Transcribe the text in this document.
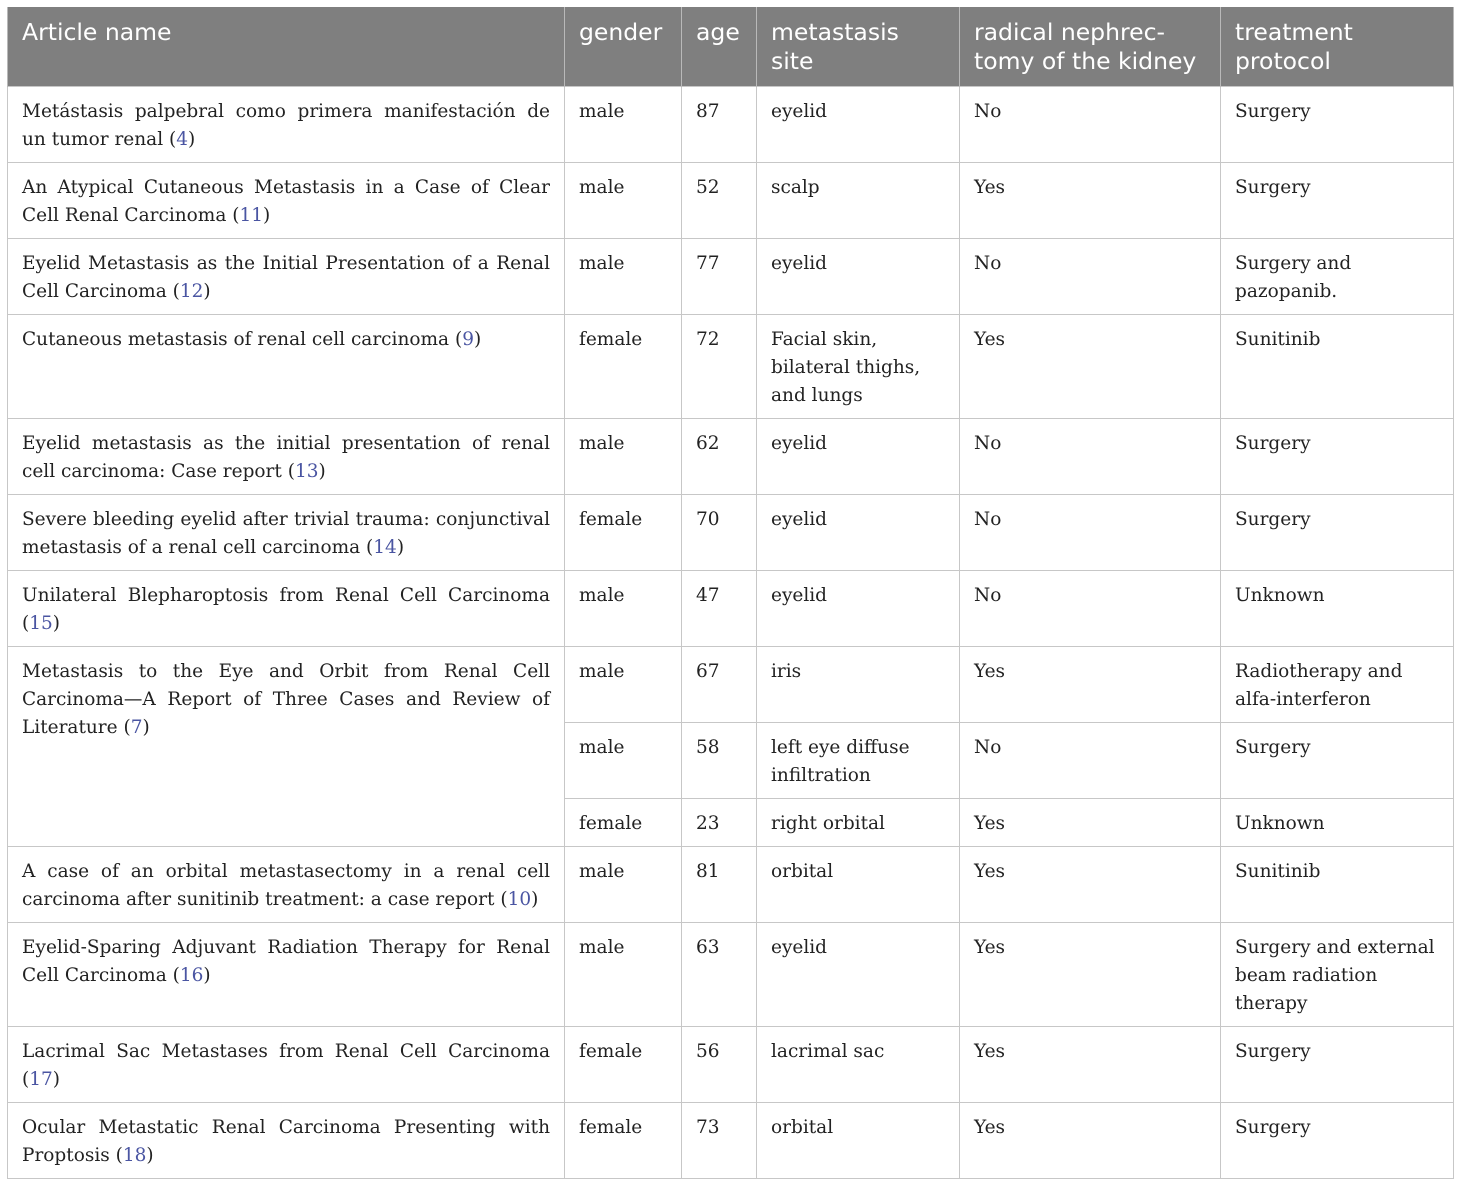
Article name	gender	age	metastasis site	radical nephrec-tomy of the kidney	treatment protocol
Metástasis palpebral como primera manifestación de un tumor renal (4)	male	87	eyelid	No	Surgery
An Atypical Cutaneous Metastasis in a Case of Clear Cell Renal Carcinoma (11)	male	52	scalp	Yes	Surgery
Eyelid Metastasis as the Initial Presentation of a Renal Cell Carcinoma (12)	male	77	eyelid	No	Surgery and pazopanib.
Cutaneous metastasis of renal cell carcinoma (9)	female	72	Facial skin, bilateral thighs, and lungs	Yes	Sunitinib
Eyelid metastasis as the initial presentation of renal cell carcinoma: Case report (13)	male	62	eyelid	No	Surgery
Severe bleeding eyelid after trivial trauma: conjunctival metastasis of a renal cell carcinoma (14)	female	70	eyelid	No	Surgery
Unilateral Blepharoptosis from Renal Cell Carcinoma (15)	male	47	eyelid	No	Unknown
Metastasis to the Eye and Orbit from Renal Cell Carcinoma—A Report of Three Cases and Review of Literature (7)	male	67	iris	Yes	Radiotherapy and alfa-interferon
	male	58	left eye diffuse infiltration	No	Surgery
	female	23	right orbital	Yes	Unknown
A case of an orbital metastasectomy in a renal cell carcinoma after sunitinib treatment: a case report (10)	male	81	orbital	Yes	Sunitinib
Eyelid-Sparing Adjuvant Radiation Therapy for Renal Cell Carcinoma (16)	male	63	eyelid	Yes	Surgery and external beam radiation therapy
Lacrimal Sac Metastases from Renal Cell Carcinoma (17)	female	56	lacrimal sac	Yes	Surgery
Ocular Metastatic Renal Carcinoma Presenting with Proptosis (18)	female	73	orbital	Yes	Surgery
